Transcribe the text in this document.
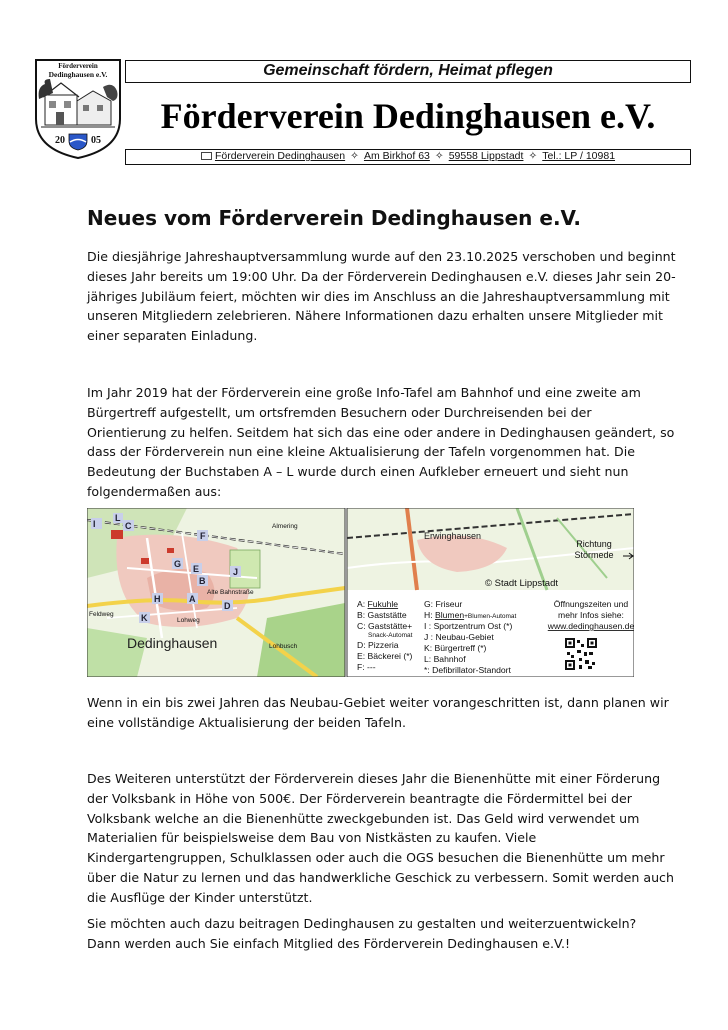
Förderverein
Dedinghausen e.V.
20	05
Gemeinschaft fördern, Heimat pflegen
Förderverein Dedinghausen e.V.
Förderverein Dedinghausen ✧ Am Birkhof 63 ✧ 59558 Lippstadt ✧ Tel.: LP / 10981
Neues vom Förderverein Dedinghausen e.V.
Die diesjährige Jahreshauptversammlung wurde auf den 23.10.2025 verschoben und beginnt
dieses Jahr bereits um 19:00 Uhr. Da der Förderverein Dedinghausen e.V. dieses Jahr sein 20-
jähriges Jubiläum feiert, möchten wir dies im Anschluss an die Jahreshauptversammlung mit
unseren Mitgliedern zelebrieren. Nähere Informationen dazu erhalten unsere Mitglieder mit
einer separaten Einladung.
Im Jahr 2019 hat der Förderverein eine große Info-Tafel am Bahnhof und eine zweite am
Bürgertreff aufgestellt, um ortsfremden Besuchern oder Durchreisenden bei der
Orientierung zu helfen. Seitdem hat sich das eine oder andere in Dedinghausen geändert, so
dass der Förderverein nun eine kleine Aktualisierung der Tafeln vorgenommen hat. Die
Bedeutung der Buchstaben A – L wurde durch einen Aufkleber erneuert und sieht nun
folgendermaßen aus:
Lohbusch
Lohweg
Feldweg
Alte Bahnstraße
Almering
Dedinghausen
I	C
L
F
G E
B
J
H	A
D
K
Erwinghausen
© Stadt Lippstadt
Richtung
Störmede
A: Fukuhle
B: Gaststätte
C: Gaststätte+
Snack-Automat
D: Pizzeria
E: Bäckerei (*)
F: ---
G: Friseur
H: Blumen+Blumen-Automat
I : Sportzentrum Ost (*)
J : Neubau-Gebiet
K: Bürgertreff (*)
L: Bahnhof
*: Defibrillator-Standort
Öffnungszeiten und
mehr Infos siehe:
www.dedinghausen.de
Wenn in ein bis zwei Jahren das Neubau-Gebiet weiter vorangeschritten ist, dann planen wir
eine vollständige Aktualisierung der beiden Tafeln.
Des Weiteren unterstützt der Förderverein dieses Jahr die Bienenhütte mit einer Förderung
der Volksbank in Höhe von 500€. Der Förderverein beantragte die Fördermittel bei der
Volksbank welche an die Bienenhütte zweckgebunden ist. Das Geld wird verwendet um
Materialien für beispielsweise dem Bau von Nistkästen zu kaufen. Viele
Kindergartengruppen, Schulklassen oder auch die OGS besuchen die Bienenhütte um mehr
über die Natur zu lernen und das handwerkliche Geschick zu verbessern. Somit werden auch
die Ausflüge der Kinder unterstützt.
Sie möchten auch dazu beitragen Dedinghausen zu gestalten und weiterzuentwickeln?
Dann werden auch Sie einfach Mitglied des Förderverein Dedinghausen e.V.!
